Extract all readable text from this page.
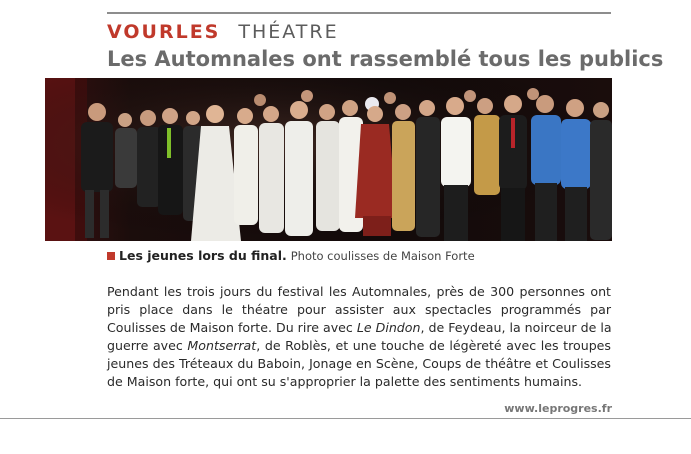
VOURLES THÉATRE
Les Automnales ont rassemblé tous les publics
Les jeunes lors du final. Photo coulisses de Maison Forte
Pendant les trois jours du festival les Automnales, près de 300 personnes ont
pris place dans le théatre pour assister aux spectacles programmés par
Coulisses de Maison forte. Du rire avec Le Dindon, de Feydeau, la noirceur de la
guerre avec Montserrat, de Roblès, et une touche de légèreté avec les troupes
jeunes des Tréteaux du Baboin, Jonage en Scène, Coups de théâtre et Coulisses
de Maison forte, qui ont su s'approprier la palette des sentiments humains.
www.leprogres.fr
